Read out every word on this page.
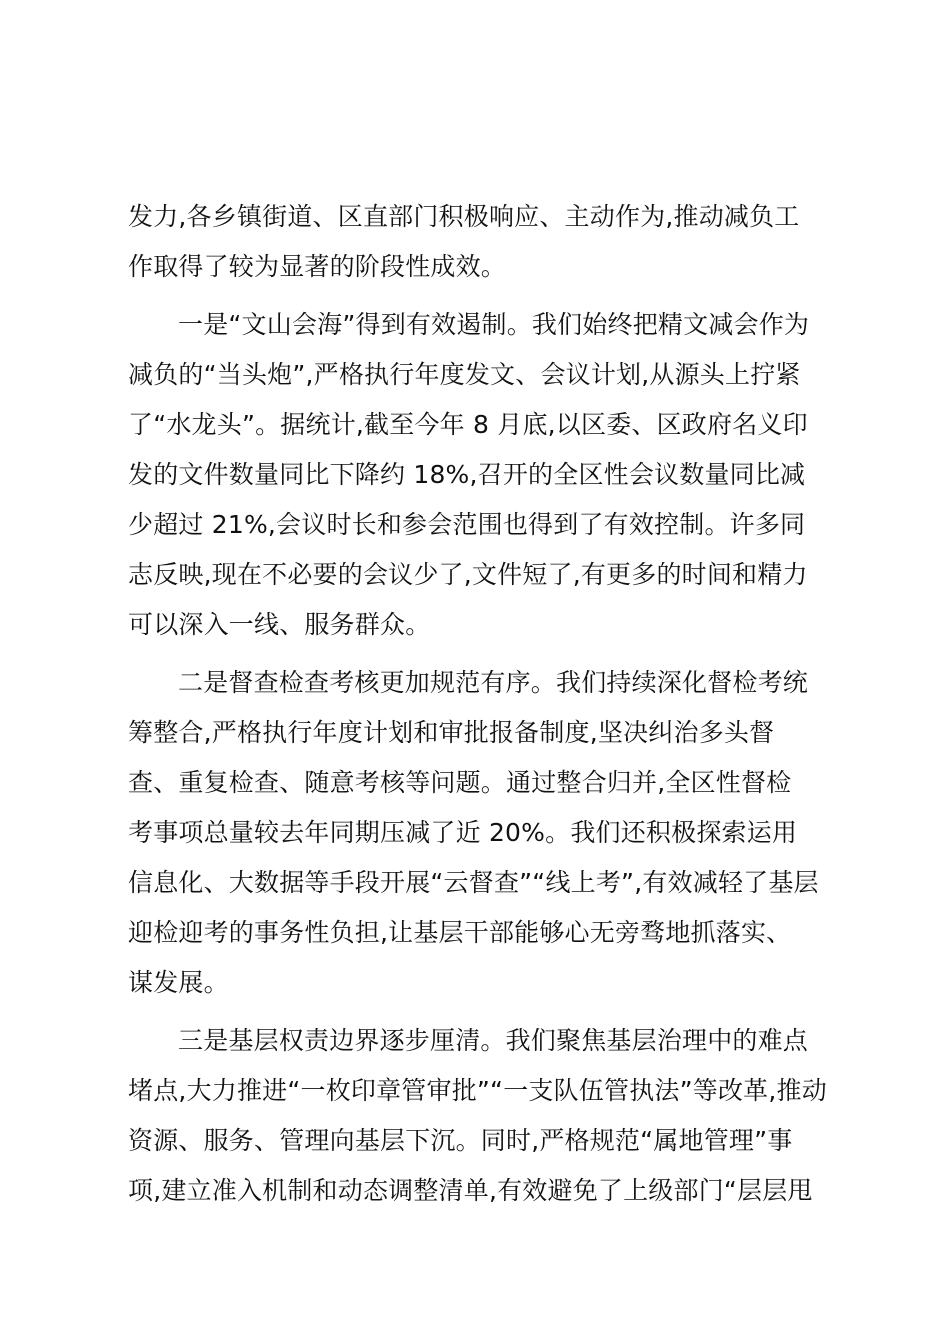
发力,各乡镇街道、区直部门积极响应、主动作为,推动减负工
作取得了较为显著的阶段性成效。
一是“文山会海”得到有效遏制。我们始终把精文减会作为
减负的“当头炮”,严格执行年度发文、会议计划,从源头上拧紧
了“水龙头”。据统计,截至今年 8 月底,以区委、区政府名义印
发的文件数量同比下降约 18%,召开的全区性会议数量同比减
少超过 21%,会议时长和参会范围也得到了有效控制。许多同
志反映,现在不必要的会议少了,文件短了,有更多的时间和精力
可以深入一线、服务群众。
二是督查检查考核更加规范有序。我们持续深化督检考统
筹整合,严格执行年度计划和审批报备制度,坚决纠治多头督
查、重复检查、随意考核等问题。通过整合归并,全区性督检
考事项总量较去年同期压减了近 20%。我们还积极探索运用
信息化、大数据等手段开展“云督查”“线上考”,有效减轻了基层
迎检迎考的事务性负担,让基层干部能够心无旁骛地抓落实、
谋发展。
三是基层权责边界逐步厘清。我们聚焦基层治理中的难点
堵点,大力推进“一枚印章管审批”“一支队伍管执法”等改革,推动
资源、服务、管理向基层下沉。同时,严格规范“属地管理”事
项,建立准入机制和动态调整清单,有效避免了上级部门“层层甩
